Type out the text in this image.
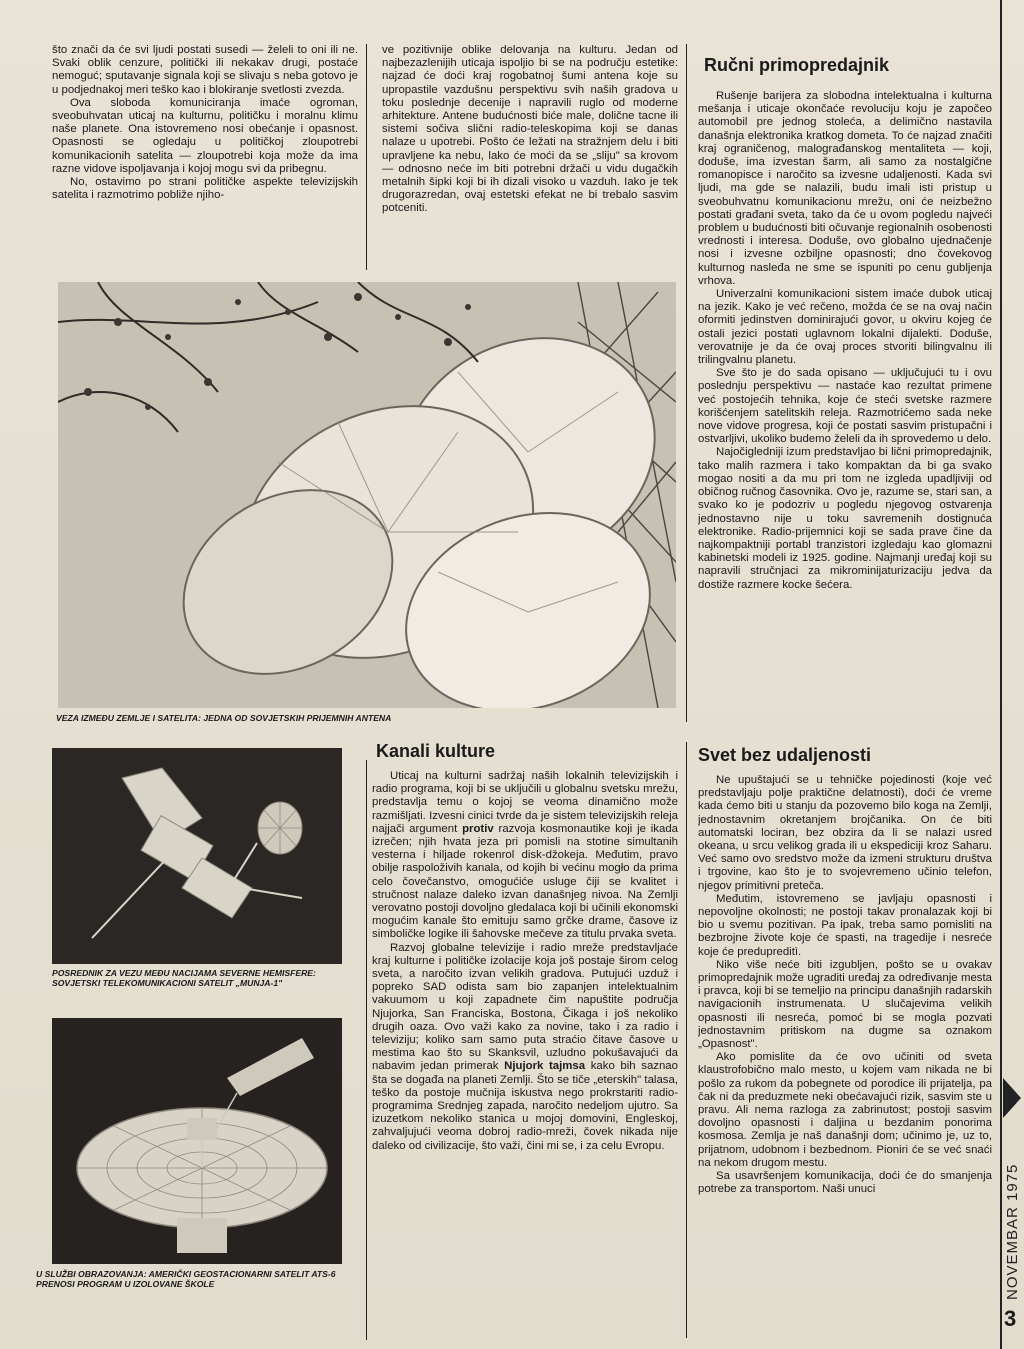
što znači da će svi ljudi postati susedi — želeli to oni ili ne. Svaki oblik cenzure, politički ili nekakav drugi, postaće nemoguć; sputavanje signala koji se slivaju s neba gotovo je u podjednakoj meri teško kao i blokiranje svetlosti zvezda.

Ova sloboda komuniciranja imaće ogroman, sveobuhvatan uticaj na kulturnu, političku i moralnu klimu naše planete. Ona istovremeno nosi obećanje i opasnost. Opasnosti se ogledaju u političkoj zloupotrebi komunikacionih satelita — zloupotrebi koja može da ima razne vidove ispoljavanja i kojoj mogu svi da pribegnu.

No, ostavimo po strani političke aspekte televizijskih satelita i razmotrimo pobliže njiho-

ve pozitivnije oblike delovanja na kulturu. Jedan od najbezazlenijih uticaja ispoljio bi se na području estetike: najzad će doći kraj rogobatnoj šumi antena koje su upropastile vazdušnu perspektivu svih naših gradova u toku poslednje decenije i napravili ruglo od moderne arhitekture. Antene budućnosti biće male, dolične tacne ili sistemi sočiva slični radio-teleskopima koji se danas nalaze u upotrebi. Pošto će ležati na stražnjem delu i biti upravljene ka nebu, lako će moći da se „sliju" sa krovom — odnosno neće im biti potrebni držači u vidu dugačkih metalnih šipki koji bi ih dizali visoko u vazduh. Iako je tek drugorazredan, ovaj estetski efekat ne bi trebalo sasvim potceniti.

VEZA IZMEĐU ZEMLJE I SATELITA: JEDNA OD SOVJETSKIH PRIJEMNIH ANTENA
Ručni primopredajnik

Rušenje barijera za slobodna intelektualna i kulturna mešanja i uticaje okončaće revoluciju koju je započeo automobil pre jednog stoleća, a delimično nastavila današnja elektronika kratkog dometa. To će najzad značiti kraj ograničenog, malograđanskog mentaliteta — koji, doduše, ima izvestan šarm, ali samo za nostalgične romanopisce i naročito sa izvesne udaljenosti. Kada svi ljudi, ma gde se nalazili, budu imali isti pristup u sveobuhvatnu komunikacionu mrežu, oni će neizbežno postati građani sveta, tako da će u ovom pogledu najveći problem u budućnosti biti očuvanje regionalnih osobenosti vrednosti i interesa. Doduše, ovo globalno ujednačenje nosi i izvesne ozbiljne opasnosti; dno čovekovog kulturnog nasleđa ne sme se ispuniti po cenu gubljenja vrhova.

Univerzalni komunikacioni sistem imaće dubok uticaj na jezik. Kako je već rečeno, možda će se na ovaj način oformiti jedinstven dominirajući govor, u okviru kojeg će ostali jezici postati uglavnom lokalni dijalekti. Doduše, verovatnije je da će ovaj proces stvoriti bilingvalnu ili trilingvalnu planetu.

Sve što je do sada opisano — uključujući tu i ovu poslednju perspektivu — nastaće kao rezultat primene već postojećih tehnika, koje će steći svetske razmere korišćenjem satelitskih releja. Razmotrićemo sada neke nove vidove progresa, koji će postati sasvim pristupačni i ostvarljivi, ukoliko budemo želeli da ih sprovedemo u delo.

Najočigledniji izum predstavljao bi lični primopredajnik, tako malih razmera i tako kompaktan da bi ga svako mogao nositi a da mu pri tom ne izgleda upadljiviji od običnog ručnog časovnika. Ovo je, razume se, stari san, a svako ko je podozriv u pogledu njegovog ostvarenja jednostavno nije u toku savremenih dostignuća elektronike. Radio-prijemnici koji se sada prave čine da najkompaktniji portabl tranzistori izgledaju kao glomazni kabinetski modeli iz 1925. godine. Najmanji uređaj koji su napravili stručnjaci za mikrominijaturizaciju jedva da dostiže razmere kocke šećera.

POSREDNIK ZA VEZU MEĐU NACIJAMA SEVERNE HEMISFERE: SOVJETSKI TELEKOMUNIKACIONI SATELIT „MUNJA-1"
U SLUŽBI OBRAZOVANJA: AMERIČKI GEOSTACIONARNI SATELIT ATS-6 PRENOSI PROGRAM U IZOLOVANE ŠKOLE
Kanali kulture

Uticaj na kulturni sadržaj naših lokalnih televizijskih i radio programa, koji bi se uključili u globalnu svetsku mrežu, predstavlja temu o kojoj se veoma dinamično može razmišljati. Izvesni cinici tvrde da je sistem televizijskih releja najjači argument protiv razvoja kosmonautike koji je ikada izrečen; njih hvata jeza pri pomisli na stotine simultanih vesterna i hiljade rokenrol disk-džokeja. Međutim, pravo obilje raspoloživih kanala, od kojih bi većinu mogło da prima celo čovečanstvo, omogućiće usluge čiji se kvalitet i stručnost nalaze daleko izvan današnjeg nivoa. Na Zemlji verovatno postoji dovoljno gledalaca koji bi učinili ekonomski mogućim kanale što emituju samo grčke drame, časove iz simboličke logike ili šahovske mečeve za titulu prvaka sveta.

Razvoj globalne televizije i radio mreže predstavljaće kraj kulturne i političke izolacije koja još postaje širom celog sveta, a naročito izvan velikih gradova. Putujući uzduž i popreko SAD odista sam bio zapanjen intelektualnim vakuumom u koji zapadnete čim napuštite područja Njujorka, San Franciska, Bostona, Čikaga i još nekoliko drugih oaza. Ovo važi kako za novine, tako i za radio i televiziju; koliko sam samo puta straćio čitave časove u mestima kao što su Skanksvil, uzludno pokušavajući da nabavim jedan primerak Njujork tajmsa kako bih saznao šta se događa na planeti Zemlji. Što se tiče „eterskih" talasa, teško da postoje mučnija iskustva nego prokrstariti radio-programima Srednjeg zapada, naročito nedeljom ujutro. Sa izuzetkom nekoliko stanica u mojoj domovini, Engleskoj, zahvaljujući veoma dobroj radio-mreži, čovek nikada nije daleko od civilizacije, što važi, čini mi se, i za celu Evropu.

Svet bez udaljenosti

Ne upuštajući se u tehničke pojedinosti (koje već predstavljaju polje praktične delatnosti), doći će vreme kada ćemo biti u stanju da pozovemo bilo koga na Zemlji, jednostavnim okretanjem brojčanika. On će biti automatski lociran, bez obzira da li se nalazi usred okeana, u srcu velikog grada ili u ekspediciji kroz Saharu. Već samo ovo sredstvo može da izmeni strukturu društva i trgovine, kao što je to svojevremeno učinio telefon, njegov primitivni preteča.

Međutim, istovremeno se javljaju opasnosti i nepovoljne okolnosti; ne postoji takav pronalazak koji bi bio u svemu pozitivan. Pa ipak, treba samo pomisliti na bezbrojne živote koje će spasti, na tragedije i nesreće koje će predupreditì.

Niko više neće biti izgubljen, pošto se u ovakav primopredajnik može ugraditi uređaj za određivanje mesta i pravca, koji bi se temeljio na principu današnjih radarskih navigacionih instrumenata. U slučajevima velikih opasnosti ili nesreća, pomoć bi se mogla pozvati jednostavnim pritiskom na dugme sa oznakom „Opasnost".

Ako pomislite da će ovo učiniti od sveta klaustrofobično malo mesto, u kojem vam nikada ne bi pošlo za rukom da pobegnete od porodice ili prijatelja, pa čak ni da preduzmete neki obećavajući rizik, sasvim ste u pravu. Ali nema razloga za zabrinutost; postoji sasvim dovoljno opasnosti i daljina u bezdanim ponorima kosmosa. Zemlja je naš današnji dom; učinimo je, uz to, prijatnom, udobnom i bezbednom. Pioniri će se već snaći na nekom drugom mestu.

Sa usavršenjem komunikacija, doći će do smanjenja potrebe za transportom. Naši unuci	NOVEMBAR 1975
3
